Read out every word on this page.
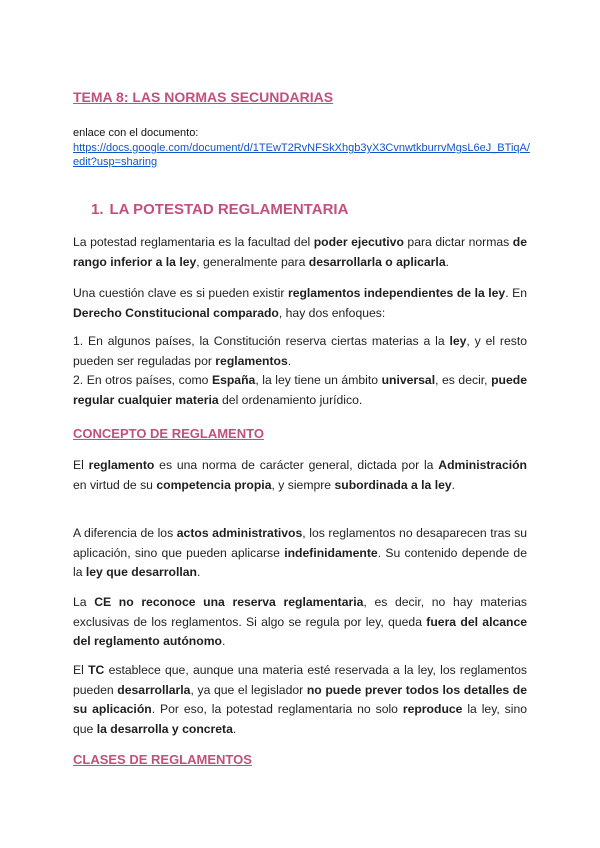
TEMA 8: LAS NORMAS SECUNDARIAS
enlace con el documento:
https://docs.google.com/document/d/1TEwT2RvNFSkXhgb3yX3CvnwtkburrvMgsL6eJ_BTiqA/edit?usp=sharing
1. LA POTESTAD REGLAMENTARIA

La potestad reglamentaria es la facultad del poder ejecutivo para dictar normas de rango inferior a la ley, generalmente para desarrollarla o aplicarla.

Una cuestión clave es si pueden existir reglamentos independientes de la ley. En Derecho Constitucional comparado, hay dos enfoques:

1. En algunos países, la Constitución reserva ciertas materias a la ley, y el resto pueden ser reguladas por reglamentos.
2. En otros países, como España, la ley tiene un ámbito universal, es decir, puede regular cualquier materia del ordenamiento jurídico.

CONCEPTO DE REGLAMENTO

El reglamento es una norma de carácter general, dictada por la Administración en virtud de su competencia propia, y siempre subordinada a la ley.

A diferencia de los actos administrativos, los reglamentos no desaparecen tras su aplicación, sino que pueden aplicarse indefinidamente. Su contenido depende de la ley que desarrollan.

La CE no reconoce una reserva reglamentaria, es decir, no hay materias exclusivas de los reglamentos. Si algo se regula por ley, queda fuera del alcance del reglamento autónomo.

El TC establece que, aunque una materia esté reservada a la ley, los reglamentos pueden desarrollarla, ya que el legislador no puede prever todos los detalles de su aplicación. Por eso, la potestad reglamentaria no solo reproduce la ley, sino que la desarrolla y concreta.

CLASES DE REGLAMENTOS
